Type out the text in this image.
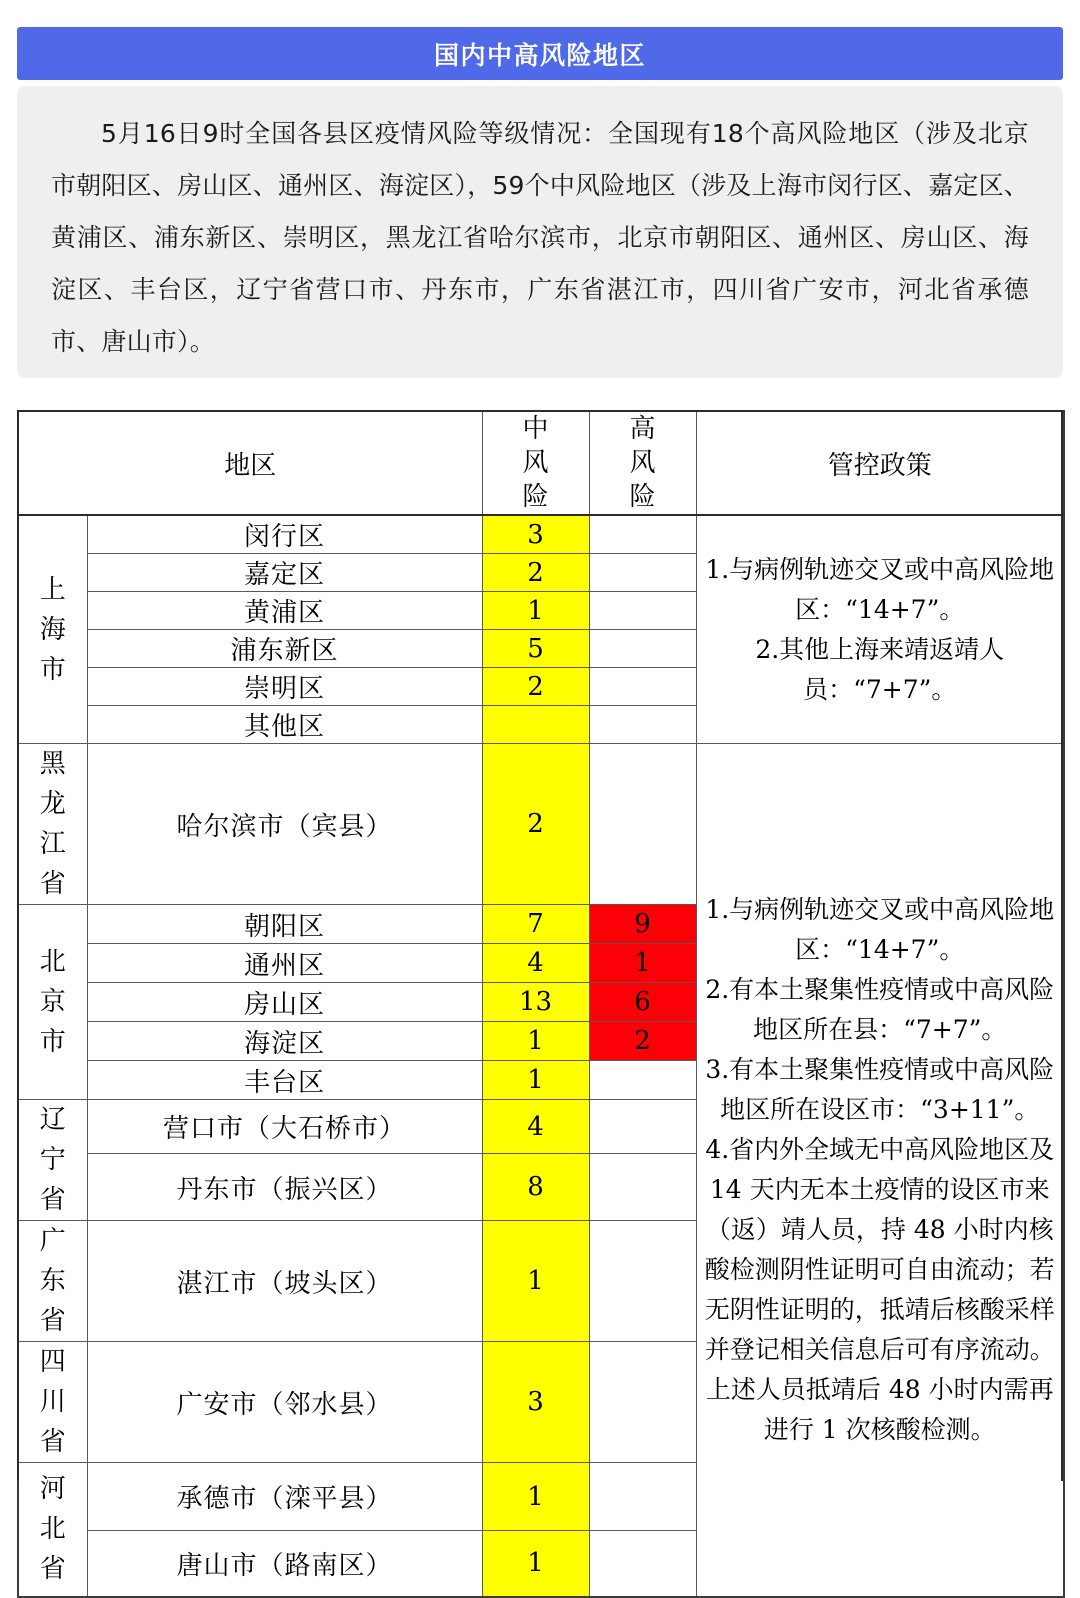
国内中高风险地区
5月16日9时全国各县区疫情风险等级情况：全国现有18个高风险地区（涉及北京市朝阳区、房山区、通州区、海淀区），59个中风险地区（涉及上海市闵行区、嘉定区、黄浦区、浦东新区、崇明区，黑龙江省哈尔滨市，北京市朝阳区、通州区、房山区、海淀区、丰台区，辽宁省营口市、丹东市，广东省湛江市，四川省广安市，河北省承德市、唐山市）。
地区		中风险	高风险	管控政策
上海市	闵行区	3		1.与病例轨迹交叉或中高风险地区：“14+7”。

2.其他上海来靖返靖人员：“7+7”。

	嘉定区	2		
	黄浦区	1		
	浦东新区	5		
	崇明区	2		
	其他区			
黑龙江省	哈尔滨市（宾县）	2		1.与病例轨迹交叉或中高风险地区：“14+7”。

2.有本土聚集性疫情或中高风险地区所在县：“7+7”。

3.有本土聚集性疫情或中高风险地区所在设区市：“3+11”。

4.省内外全域无中高风险地区及 14 天内无本土疫情的设区市来（返）靖人员，持 48 小时内核酸检测阴性证明可自由流动；若无阴性证明的，抵靖后核酸采样并登记相关信息后可有序流动。上述人员抵靖后 48 小时内需再进行 1 次核酸检测。

北京市	朝阳区	7	9	
	通州区	4	1	
	房山区	13	6	
	海淀区	1	2	
	丰台区	1		
辽宁省	营口市（大石桥市）	4		
	丹东市（振兴区）	8		
广东省	湛江市（坡头区）	1		
四川省	广安市（邻水县）	3		
河北省	承德市（滦平县）	1		
	唐山市（路南区）	1		
